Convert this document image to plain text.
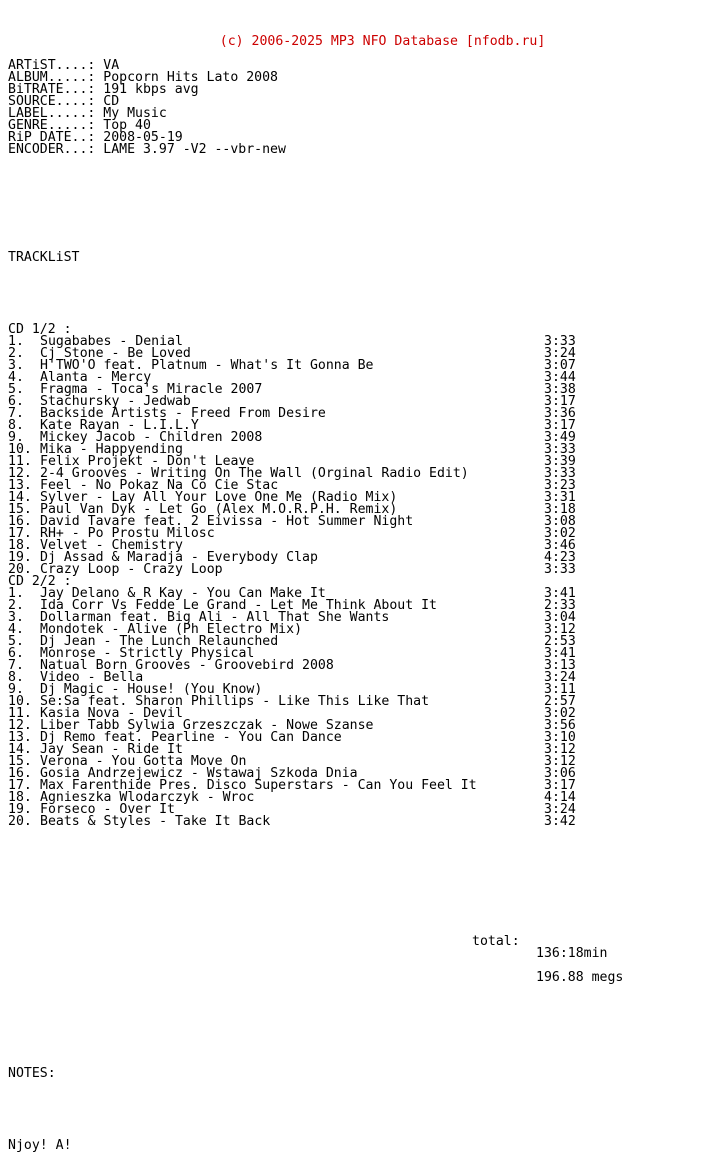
(c) 2006-2025 MP3 NFO Database [nfodb.ru]

ARTiST....: VA
ALBUM.....: Popcorn Hits Lato 2008
BiTRATE...: 191 kbps avg
SOURCE....: CD
LABEL.....: My Music
GENRE.....: Top 40
RiP DATE..: 2008-05-19
ENCODER...: LAME 3.97 -V2 --vbr-new

TRACKLiST

CD 1/2 :
1. Sugababes - Denial	3:33
2. Cj Stone - Be Loved	3:24
3. H'TWO'O feat. Platnum - What's It Gonna Be	3:07
4. Alanta - Mercy	3:44
5. Fragma - Toca's Miracle 2007	3:38
6. Stachursky - Jedwab	3:17
7. Backside Artists - Freed From Desire	3:36
8. Kate Rayan - L.I.L.Y	3:17
9. Mickey Jacob - Children 2008	3:49
10. Mika - Happyending	3:33
11. Felix Projekt - Don't Leave	3:39
12. 2-4 Grooves - Writing On The Wall (Orginal Radio Edit)	3:33
13. Feel - No Pokaz Na Co Cie Stac	3:23
14. Sylver - Lay All Your Love One Me (Radio Mix)	3:31
15. Paul Van Dyk - Let Go (Alex M.O.R.P.H. Remix)	3:18
16. David Tavare feat. 2 Eivissa - Hot Summer Night	3:08
17. RH+ - Po Prostu Milosc	3:02
18. Velvet - Chemistry	3:46
19. Dj Assad & Maradja - Everybody Clap	4:23
20. Crazy Loop - Crazy Loop	3:33
CD 2/2 :
1. Jay Delano & R Kay - You Can Make It	3:41
2. Ida Corr Vs Fedde Le Grand - Let Me Think About It	2:33
3. Dollarman feat. Big Ali - All That She Wants	3:04
4. Mondotek - Alive (Ph Electro Mix)	3:12
5. Dj Jean - The Lunch Relaunched	2:53
6. Monrose - Strictly Physical	3:41
7. Natual Born Grooves - Groovebird 2008	3:13
8. Video - Bella	3:24
9. Dj Magic - House! (You Know)	3:11
10. Se:Sa feat. Sharon Phillips - Like This Like That	2:57
11. Kasia Nova - Devil	3:02
12. Liber Tabb Sylwia Grzeszczak - Nowe Szanse	3:56
13. Dj Remo feat. Pearline - You Can Dance	3:10
14. Jay Sean - Ride It	3:12
15. Verona - You Gotta Move On	3:12
16. Gosia Andrzejewicz - Wstawaj Szkoda Dnia	3:06
17. Max Farenthide Pres. Disco Superstars - Can You Feel It	3:17
18. Agnieszka Wlodarczyk - Wroc	4:14
19. Forseco - Over It	3:24
20. Beats & Styles - Take It Back	3:42

total:

136:18min

196.88 megs

NOTES:

Njoy! A!
